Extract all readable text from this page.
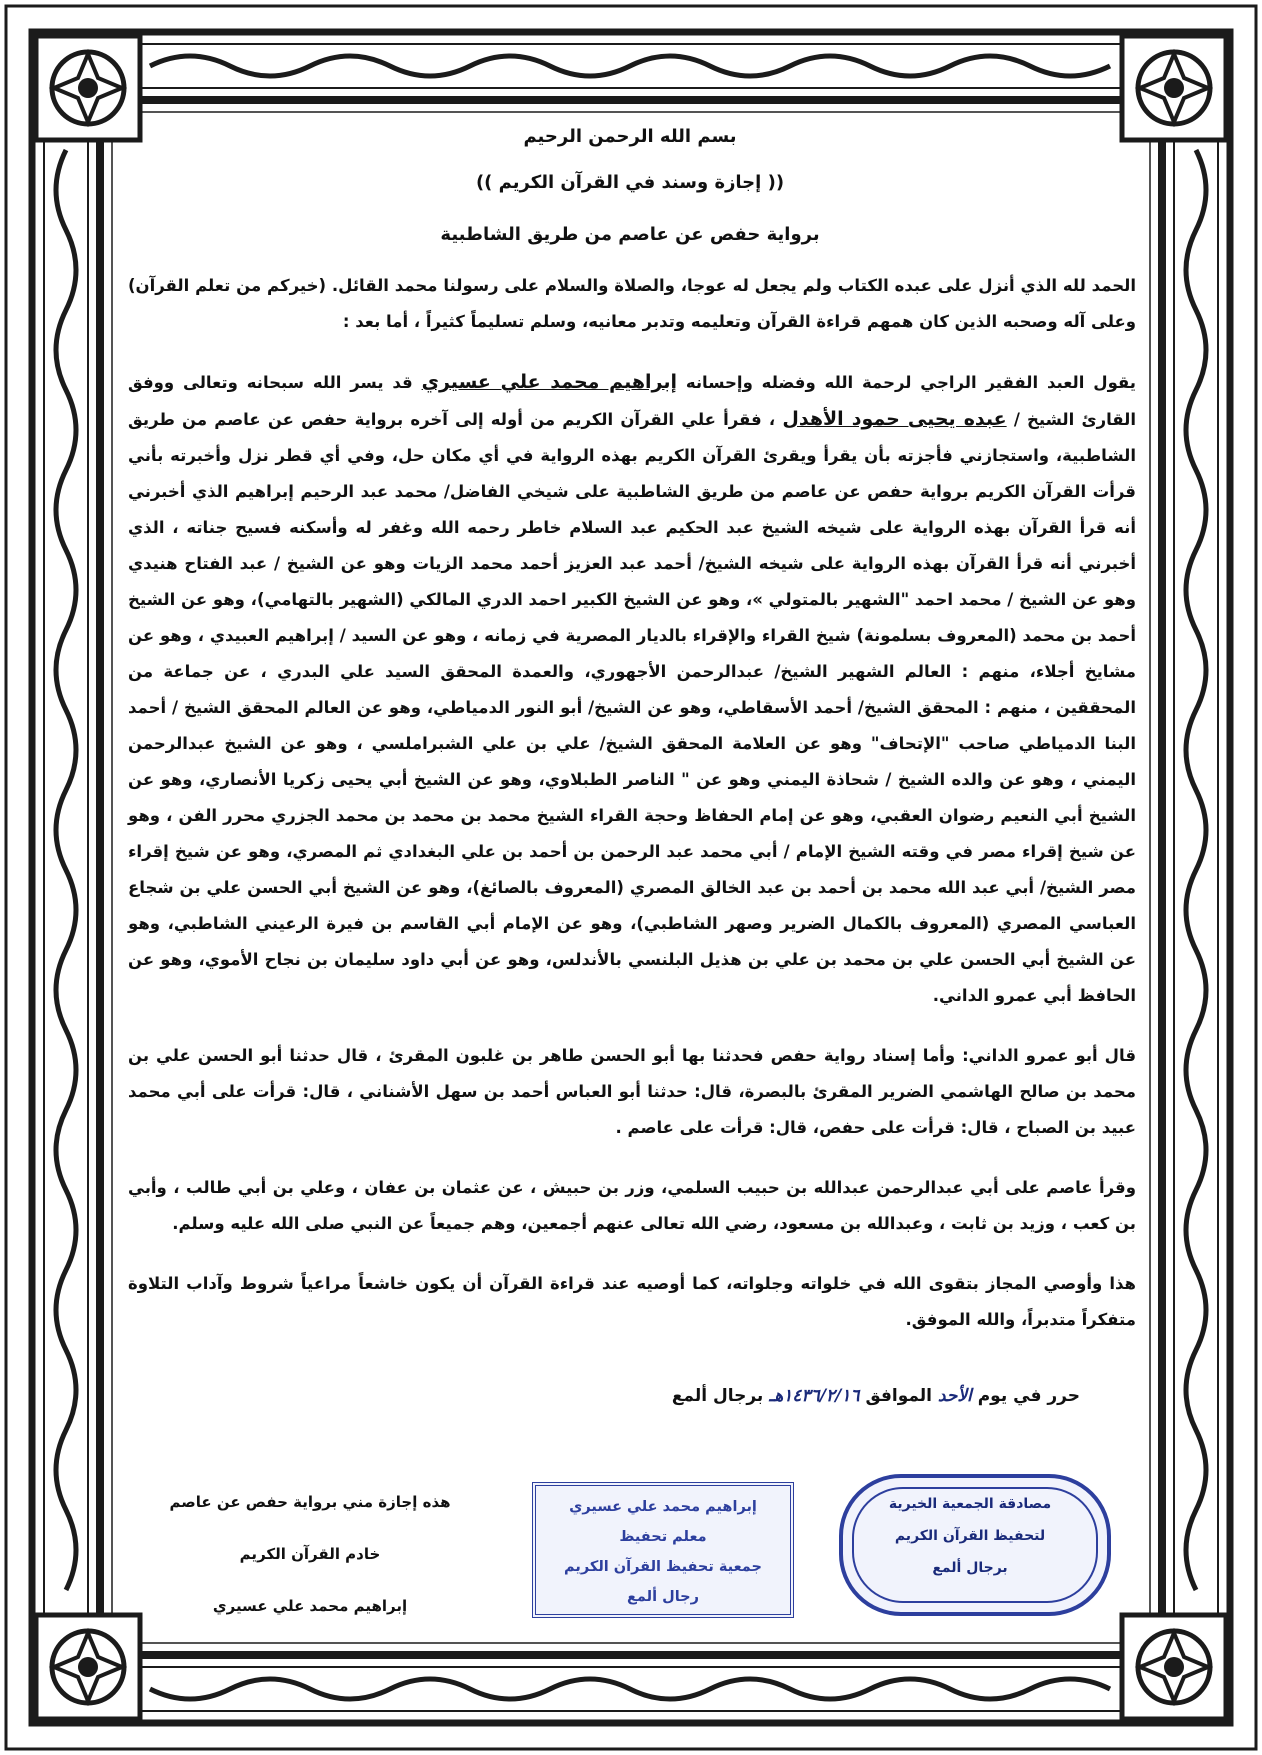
بسم الله الرحمن الرحيم
(( إجازة وسند في القرآن الكريم ))
برواية حفص عن عاصم من طريق الشاطبية

الحمد لله الذي أنزل على عبده الكتاب ولم يجعل له عوجا، والصلاة والسلام على رسولنا محمد القائل. (خيركم من تعلم القرآن) وعلى آله وصحبه الذين كان همهم قراءة القرآن وتعليمه وتدبر معانيه، وسلم تسليماً كثيراً ، أما بعد :

يقول العبد الفقير الراجي لرحمة الله وفضله وإحسانه إبراهيم محمد علي عسيري قد يسر الله سبحانه وتعالى ووفق القارئ الشيخ / عبده يحيى حمود الأهدل ، فقرأ علي القرآن الكريم من أوله إلى آخره برواية حفص عن عاصم من طريق الشاطبية، واستجازني فأجزته بأن يقرأ ويقرئ القرآن الكريم بهذه الرواية في أي مكان حل، وفي أي قطر نزل وأخبرته بأني قرأت القرآن الكريم برواية حفص عن عاصم من طريق الشاطبية على شيخي الفاضل/ محمد عبد الرحيم إبراهيم الذي أخبرني أنه قرأ القرآن بهذه الرواية على شيخه الشيخ عبد الحكيم عبد السلام خاطر رحمه الله وغفر له وأسكنه فسيح جناته ، الذي أخبرني أنه قرأ القرآن بهذه الرواية على شيخه الشيخ/ أحمد عبد العزيز أحمد محمد الزيات وهو عن الشيخ / عبد الفتاح هنيدي وهو عن الشيخ / محمد احمد "الشهير بالمتولي »، وهو عن الشيخ الكبير احمد الدري المالكي (الشهير بالتهامي)، وهو عن الشيخ أحمد بن محمد (المعروف بسلمونة) شيخ القراء والإقراء بالديار المصرية في زمانه ، وهو عن السيد / إبراهيم العبيدي ، وهو عن مشايخ أجلاء، منهم : العالم الشهير الشيخ/ عبدالرحمن الأجهوري، والعمدة المحقق السيد علي البدري ، عن جماعة من المحققين ، منهم : المحقق الشيخ/ أحمد الأسقاطي، وهو عن الشيخ/ أبو النور الدمياطي، وهو عن العالم المحقق الشيخ / أحمد البنا الدمياطي صاحب "الإتحاف" وهو عن العلامة المحقق الشيخ/ علي بن علي الشبراملسي ، وهو عن الشيخ عبدالرحمن اليمني ، وهو عن والده الشيخ / شحاذة اليمني وهو عن " الناصر الطبلاوي، وهو عن الشيخ أبي يحيى زكريا الأنصاري، وهو عن الشيخ أبي النعيم رضوان العقبي، وهو عن إمام الحفاظ وحجة القراء الشيخ محمد بن محمد بن محمد الجزري محرر الفن ، وهو عن شيخ إقراء مصر في وقته الشيخ الإمام / أبي محمد عبد الرحمن بن أحمد بن علي البغدادي ثم المصري، وهو عن شيخ إقراء مصر الشيخ/ أبي عبد الله محمد بن أحمد بن عبد الخالق المصري (المعروف بالصائغ)، وهو عن الشيخ أبي الحسن علي بن شجاع العباسي المصري (المعروف بالكمال الضرير وصهر الشاطبي)، وهو عن الإمام أبي القاسم بن فيرة الرعيني الشاطبي، وهو عن الشيخ أبي الحسن علي بن محمد بن علي بن هذيل البلنسي بالأندلس، وهو عن أبي داود سليمان بن نجاح الأموي، وهو عن الحافظ أبي عمرو الداني.

قال أبو عمرو الداني: وأما إسناد رواية حفص فحدثنا بها أبو الحسن طاهر بن غلبون المقرئ ، قال حدثنا أبو الحسن علي بن محمد بن صالح الهاشمي الضرير المقرئ بالبصرة، قال: حدثنا أبو العباس أحمد بن سهل الأشناني ، قال: قرأت على أبي محمد عبيد بن الصباح ، قال: قرأت على حفص، قال: قرأت على عاصم .

وقرأ عاصم على أبي عبدالرحمن عبدالله بن حبيب السلمي، وزر بن حبيش ، عن عثمان بن عفان ، وعلي بن أبي طالب ، وأبي بن كعب ، وزيد بن ثابت ، وعبدالله بن مسعود، رضي الله تعالى عنهم أجمعين، وهم جميعاً عن النبي صلى الله عليه وسلم.

هذا وأوصي المجاز بتقوى الله في خلواته وجلواته، كما أوصيه عند قراءة القرآن أن يكون خاشعاً مراعياً شروط وآداب التلاوة متفكراً متدبراً، والله الموفق.

حرر في يوم الأحد الموافق ١٤٣٦/٢/١٦هـ برجال ألمع
هذه إجازة مني برواية حفص عن عاصم
خادم القرآن الكريم
إبراهيم محمد علي عسيري
إبراهيم محمد علي عسيري
معلم تحفيظ
جمعية تحفيظ القرآن الكريم
رجال ألمع
مصادقة الجمعية الخيرية
لتحفيظ القرآن الكريم
برجال ألمع
